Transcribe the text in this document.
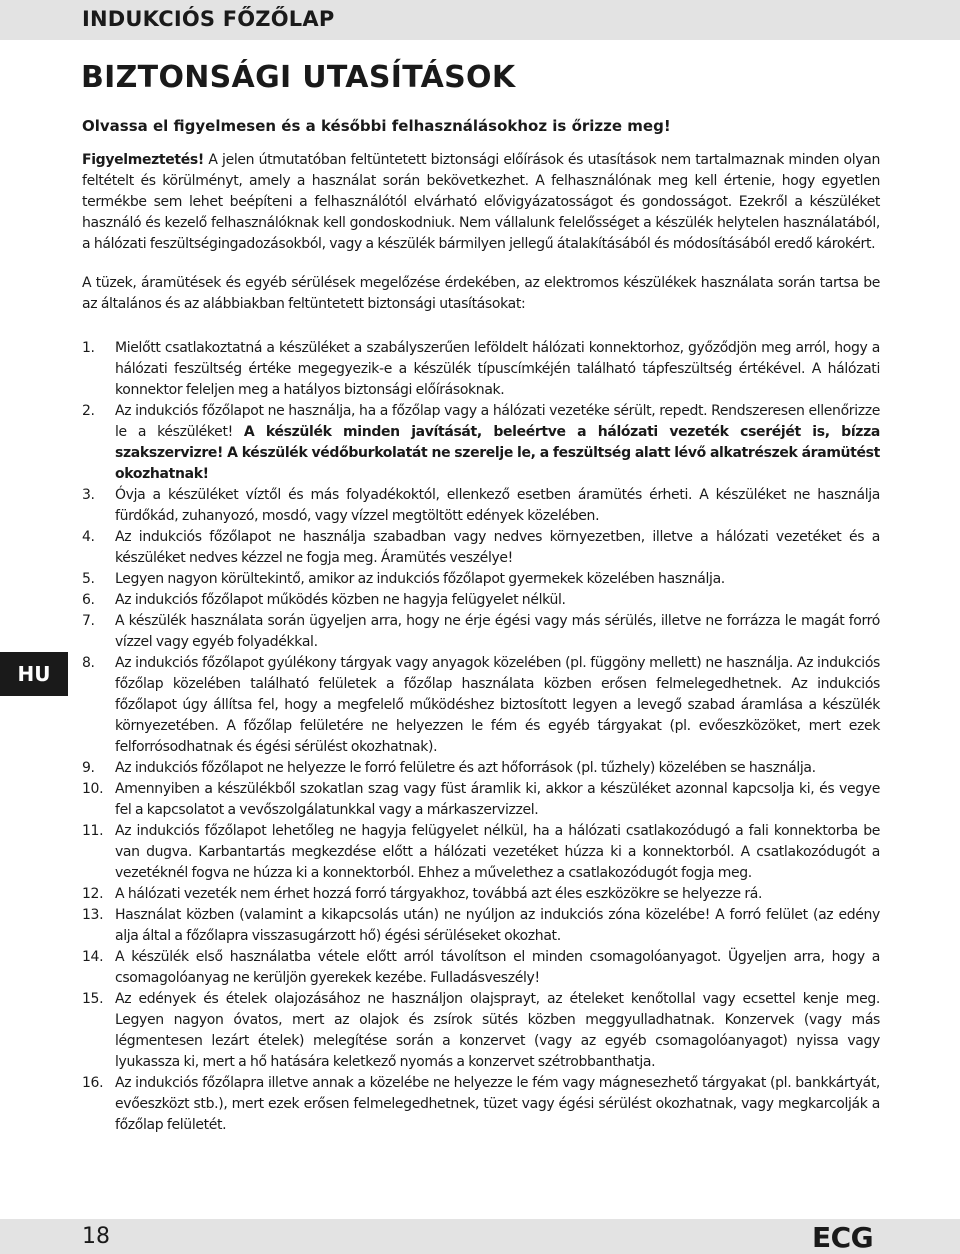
INDUKCIÓS FŐZŐLAP
BIZTONSÁGI UTASÍTÁSOK
Olvassa el figyelmesen és a későbbi felhasználásokhoz is őrizze meg!

Figyelmeztetés! A jelen útmutatóban feltüntetett biztonsági előírások és utasítások nem tartalmaznak minden olyan feltételt és körülményt, amely a használat során bekövetkezhet. A felhasználónak meg kell értenie, hogy egyetlen termékbe sem lehet beépíteni a felhasználótól elvárható elővigyázatosságot és gondosságot. Ezekről a készüléket használó és kezelő felhasználóknak kell gondoskodniuk. Nem vállalunk felelősséget a készülék helytelen használatából, a hálózati feszültségingadozásokból, vagy a készülék bármilyen jellegű átalakításából és módosításából eredő károkért.

A tüzek, áramütések és egyéb sérülések megelőzése érdekében, az elektromos készülékek használata során tartsa be az általános és az alábbiakban feltüntetett biztonsági utasításokat:

1.	Mielőtt csatlakoztatná a készüléket a szabályszerűen leföldelt hálózati konnektorhoz, győződjön meg arról, hogy a hálózati feszültség értéke megegyezik-e a készülék típuscímkéjén található tápfeszültség értékével. A hálózati konnektor feleljen meg a hatályos biztonsági előírásoknak.
2.	Az indukciós főzőlapot ne használja, ha a főzőlap vagy a hálózati vezetéke sérült, repedt. Rendszeresen ellenőrizze le a készüléket! A készülék minden javítását, beleértve a hálózati vezeték cseréjét is, bízza szakszervizre! A készülék védőburkolatát ne szerelje le, a feszültség alatt lévő alkatrészek áramütést okozhatnak!
3.	Óvja a készüléket víztől és más folyadékoktól, ellenkező esetben áramütés érheti. A készüléket ne használja fürdőkád, zuhanyozó, mosdó, vagy vízzel megtöltött edények közelében.
4.	Az indukciós főzőlapot ne használja szabadban vagy nedves környezetben, illetve a hálózati vezetéket és a készüléket nedves kézzel ne fogja meg. Áramütés veszélye!
5.	Legyen nagyon körültekintő, amikor az indukciós főzőlapot gyermekek közelében használja.
6.	Az indukciós főzőlapot működés közben ne hagyja felügyelet nélkül.
7.	A készülék használata során ügyeljen arra, hogy ne érje égési vagy más sérülés, illetve ne forrázza le magát forró vízzel vagy egyéb folyadékkal.
8.	Az indukciós főzőlapot gyúlékony tárgyak vagy anyagok közelében (pl. függöny mellett) ne használja. Az indukciós főzőlap közelében található felületek a főzőlap használata közben erősen felmelegedhetnek. Az indukciós főzőlapot úgy állítsa fel, hogy a megfelelő működéshez biztosított legyen a levegő szabad áramlása a készülék környezetében. A főzőlap felületére ne helyezzen le fém és egyéb tárgyakat (pl. evőeszközöket, mert ezek felforrósodhatnak és égési sérülést okozhatnak).
9.	Az indukciós főzőlapot ne helyezze le forró felületre és azt hőforrások (pl. tűzhely) közelében se használja.
10. Amennyiben a készülékből szokatlan szag vagy füst áramlik ki, akkor a készüléket azonnal kapcsolja ki, és vegye fel a kapcsolatot a vevőszolgálatunkkal vagy a márkaszervizzel.
11. Az indukciós főzőlapot lehetőleg ne hagyja felügyelet nélkül, ha a hálózati csatlakozódugó a fali konnektorba be van dugva. Karbantartás megkezdése előtt a hálózati vezetéket húzza ki a konnektorból. A csatlakozódugót a vezetéknél fogva ne húzza ki a konnektorból. Ehhez a művelethez a csatlakozódugót fogja meg.
12. A hálózati vezeték nem érhet hozzá forró tárgyakhoz, továbbá azt éles eszközökre se helyezze rá.
13. Használat közben (valamint a kikapcsolás után) ne nyúljon az indukciós zóna közelébe! A forró felület (az edény alja által a főzőlapra visszasugárzott hő) égési sérüléseket okozhat.
14. A készülék első használatba vétele előtt arról távolítson el minden csomagolóanyagot. Ügyeljen arra, hogy a csomagolóanyag ne kerüljön gyerekek kezébe. Fulladásveszély!
15. Az edények és ételek olajozásához ne használjon olajsprayt, az ételeket kenőtollal vagy ecsettel kenje meg. Legyen nagyon óvatos, mert az olajok és zsírok sütés közben meggyulladhatnak. Konzervek (vagy más légmentesen lezárt ételek) melegítése során a konzervet (vagy az egyéb csomagolóanyagot) nyissa vagy lyukassza ki, mert a hő hatására keletkező nyomás a konzervet szétrobbanthatja.
16. Az indukciós főzőlapra illetve annak a közelébe ne helyezze le fém vagy mágnesezhető tárgyakat (pl. bankkártyát, evőeszközt stb.), mert ezek erősen felmelegedhetnek, tüzet vagy égési sérülést okozhatnak, vagy megkarcolják a főzőlap felületét.
HU
18	ECG
